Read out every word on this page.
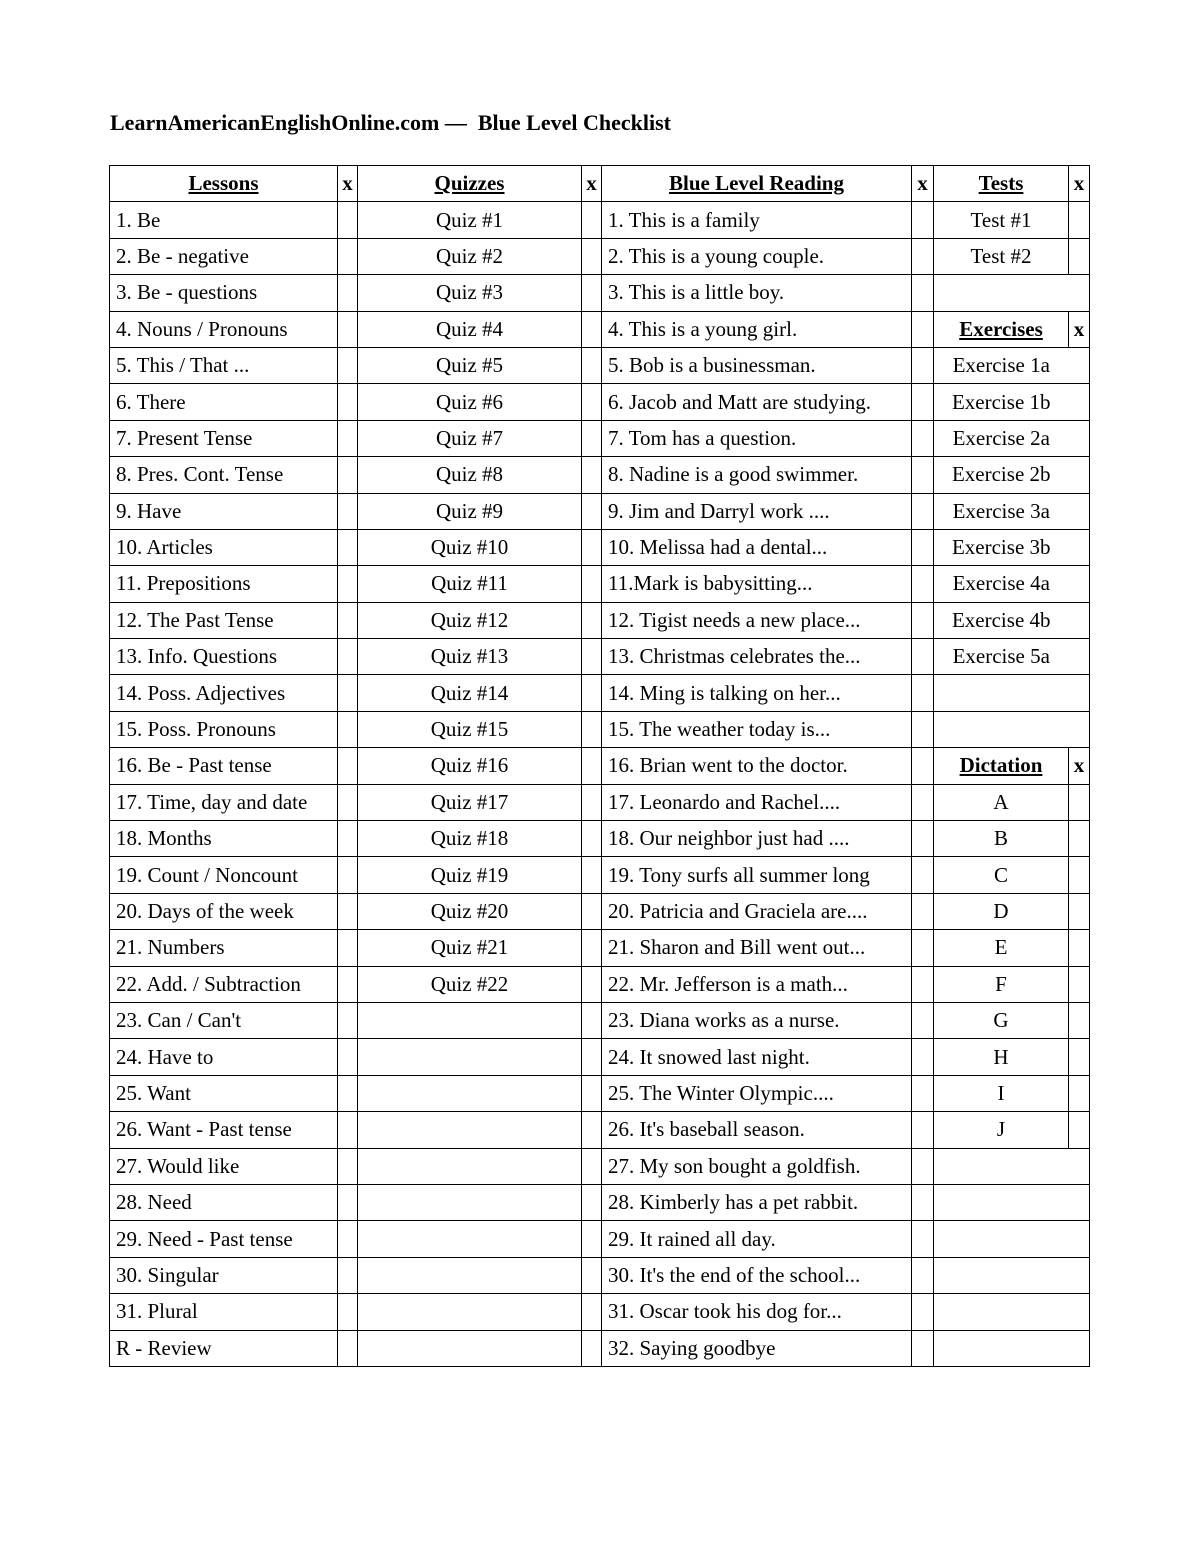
LearnAmericanEnglishOnline.com —  Blue Level Checklist
Lessons	x	Quizzes	x	Blue Level Reading	x	Tests	x
1. Be		Quiz #1		1. This is a family		Test #1	
2. Be - negative		Quiz #2		2. This is a young couple.		Test #2	
3. Be - questions		Quiz #3		3. This is a little boy.			
4. Nouns / Pronouns		Quiz #4		4. This is a young girl.		Exercises	x
5. This / That ...		Quiz #5		5. Bob is a businessman.		Exercise 1a	
6. There		Quiz #6		6. Jacob and Matt are studying.		Exercise 1b	
7. Present Tense		Quiz #7		7. Tom has a question.		Exercise 2a	
8. Pres. Cont. Tense		Quiz #8		8. Nadine is a good swimmer.		Exercise 2b	
9. Have		Quiz #9		9. Jim and Darryl work ....		Exercise 3a	
10. Articles		Quiz #10		10. Melissa had a dental...		Exercise 3b	
11. Prepositions		Quiz #11		11.Mark is babysitting...		Exercise 4a	
12. The Past Tense		Quiz #12		12. Tigist needs a new place...		Exercise 4b	
13. Info. Questions		Quiz #13		13. Christmas celebrates the...		Exercise 5a	
14. Poss. Adjectives		Quiz #14		14. Ming is talking on her...			
15. Poss. Pronouns		Quiz #15		15. The weather today is...			
16. Be - Past tense		Quiz #16		16. Brian went to the doctor.		Dictation	x
17. Time, day and date		Quiz #17		17. Leonardo and Rachel....		A	
18. Months		Quiz #18		18. Our neighbor just had ....		B	
19. Count / Noncount		Quiz #19		19. Tony surfs all summer long		C	
20. Days of the week		Quiz #20		20. Patricia and Graciela are....		D	
21. Numbers		Quiz #21		21. Sharon and Bill went out...		E	
22. Add. / Subtraction		Quiz #22		22. Mr. Jefferson is a math...		F	
23. Can / Can't				23. Diana works as a nurse.		G	
24. Have to				24. It snowed last night.		H	
25. Want				25. The Winter Olympic....		I	
26. Want - Past tense				26. It's baseball season.		J	
27. Would like				27. My son bought a goldfish.			
28. Need				28. Kimberly has a pet rabbit.			
29. Need - Past tense				29. It rained all day.			
30. Singular				30. It's the end of the school...			
31. Plural				31. Oscar took his dog for...			
R - Review				32. Saying goodbye			
